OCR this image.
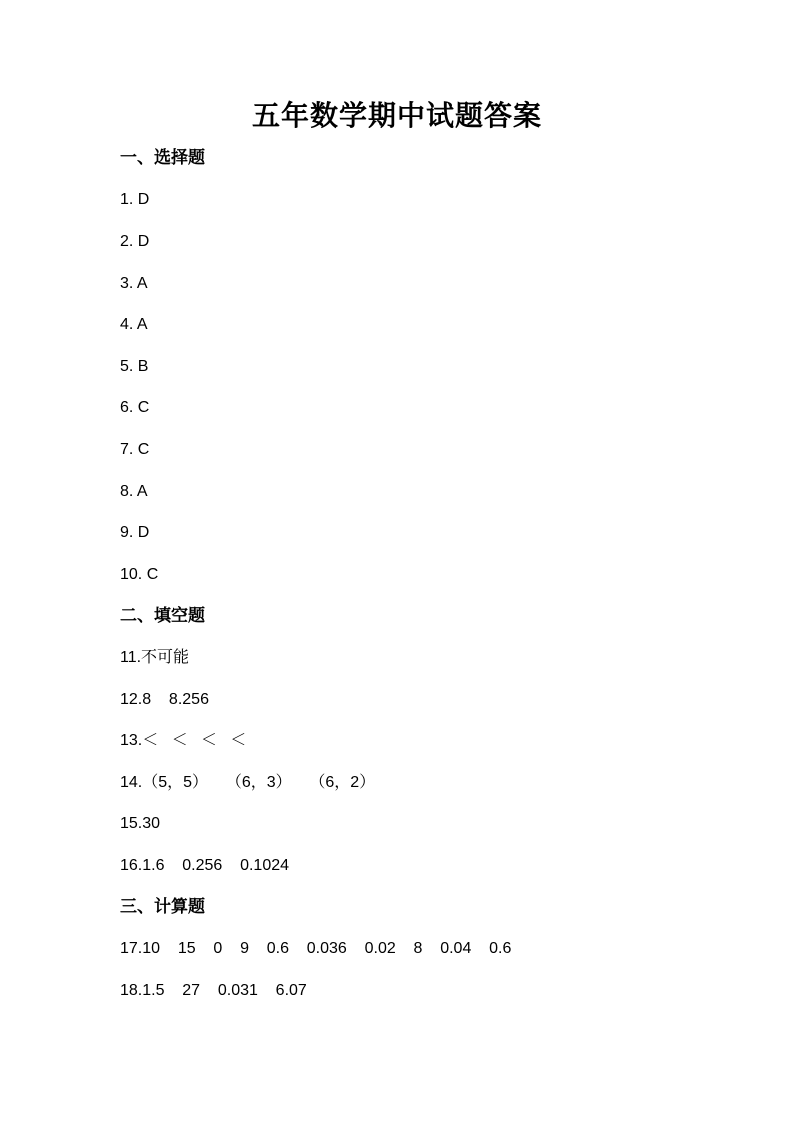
五年数学期中试题答案
一、选择题
1. D
2. D
3. A
4. A
5. B
6. C
7. C
8. A
9. D
10. C
二、填空题
11.不可能
12.8    8.256
13.＜   ＜   ＜   ＜
14.（5，5）    （6，3）    （6，2）
15.30
16.1.6    0.256    0.1024
三、计算题
17.10    15    0    9    0.6    0.036    0.02    8    0.04    0.6
18.1.5    27    0.031    6.07
